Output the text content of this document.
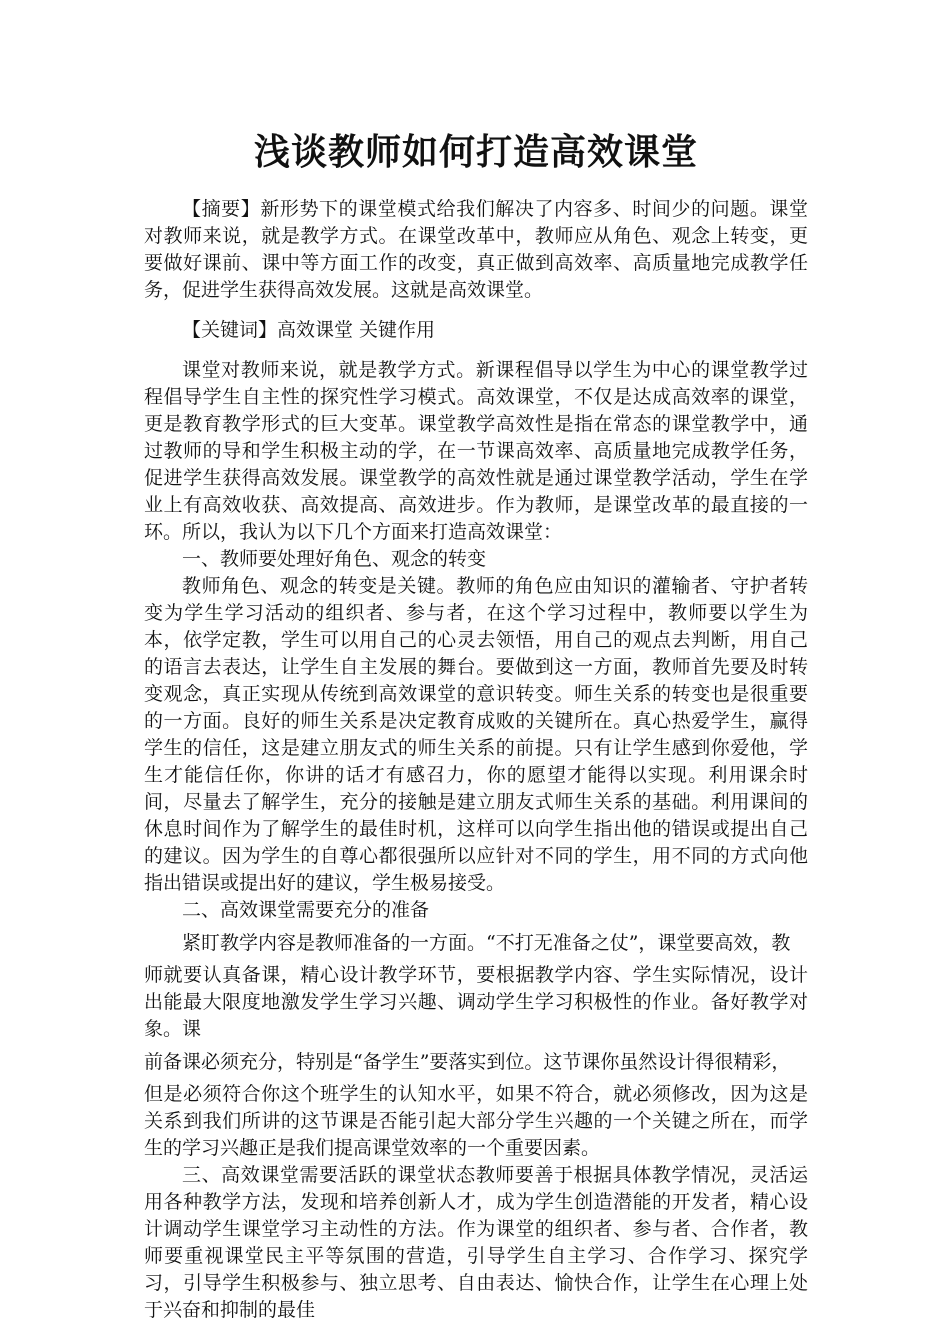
浅谈教师如何打造高效课堂

【摘要】新形势下的课堂模式给我们解决了内容多、时间少的问题。课堂对教师来说，就是教学方式。在课堂改革中，教师应从角色、观念上转变，更要做好课前、课中等方面工作的改变，真正做到高效率、高质量地完成教学任务，促进学生获得高效发展。这就是高效课堂。

【关键词】高效课堂 关键作用

课堂对教师来说，就是教学方式。新课程倡导以学生为中心的课堂教学过程倡导学生自主性的探究性学习模式。高效课堂，不仅是达成高效率的课堂，更是教育教学形式的巨大变革。课堂教学高效性是指在常态的课堂教学中，通过教师的导和学生积极主动的学，在一节课高效率、高质量地完成教学任务，促进学生获得高效发展。课堂教学的高效性就是通过课堂教学活动，学生在学业上有高效收获、高效提高、高效进步。作为教师，是课堂改革的最直接的一环。所以，我认为以下几个方面来打造高效课堂：

一、教师要处理好角色、观念的转变

教师角色、观念的转变是关键。教师的角色应由知识的灌输者、守护者转变为学生学习活动的组织者、参与者，在这个学习过程中，教师要以学生为本，依学定教，学生可以用自己的心灵去领悟，用自己的观点去判断，用自己的语言去表达，让学生自主发展的舞台。要做到这一方面，教师首先要及时转变观念，真正实现从传统到高效课堂的意识转变。师生关系的转变也是很重要的一方面。良好的师生关系是决定教育成败的关键所在。真心热爱学生，赢得学生的信任，这是建立朋友式的师生关系的前提。只有让学生感到你爱他，学生才能信任你，你讲的话才有感召力，你的愿望才能得以实现。利用课余时间，尽量去了解学生，充分的接触是建立朋友式师生关系的基础。利用课间的休息时间作为了解学生的最佳时机，这样可以向学生指出他的错误或提出自己的建议。因为学生的自尊心都很强所以应针对不同的学生，用不同的方式向他指出错误或提出好的建议，学生极易接受。

二、高效课堂需要充分的准备

紧盯教学内容是教师准备的一方面。“不打无准备之仗”，课堂要高效，教

师就要认真备课，精心设计教学环节，要根据教学内容、学生实际情况，设计出能最大限度地激发学生学习兴趣、调动学生学习积极性的作业。备好教学对象。课

前备课必须充分，特别是“备学生”要落实到位。这节课你虽然设计得很精彩，

但是必须符合你这个班学生的认知水平，如果不符合，就必须修改，因为这是关系到我们所讲的这节课是否能引起大部分学生兴趣的一个关键之所在，而学生的学习兴趣正是我们提高课堂效率的一个重要因素。

三、高效课堂需要活跃的课堂状态教师要善于根据具体教学情况，灵活运用各种教学方法，发现和培养创新人才，成为学生创造潜能的开发者，精心设计调动学生课堂学习主动性的方法。作为课堂的组织者、参与者、合作者，教师要重视课堂民主平等氛围的营造，引导学生自主学习、合作学习、探究学习，引导学生积极参与、独立思考、自由表达、愉快合作，让学生在心理上处于兴奋和抑制的最佳
